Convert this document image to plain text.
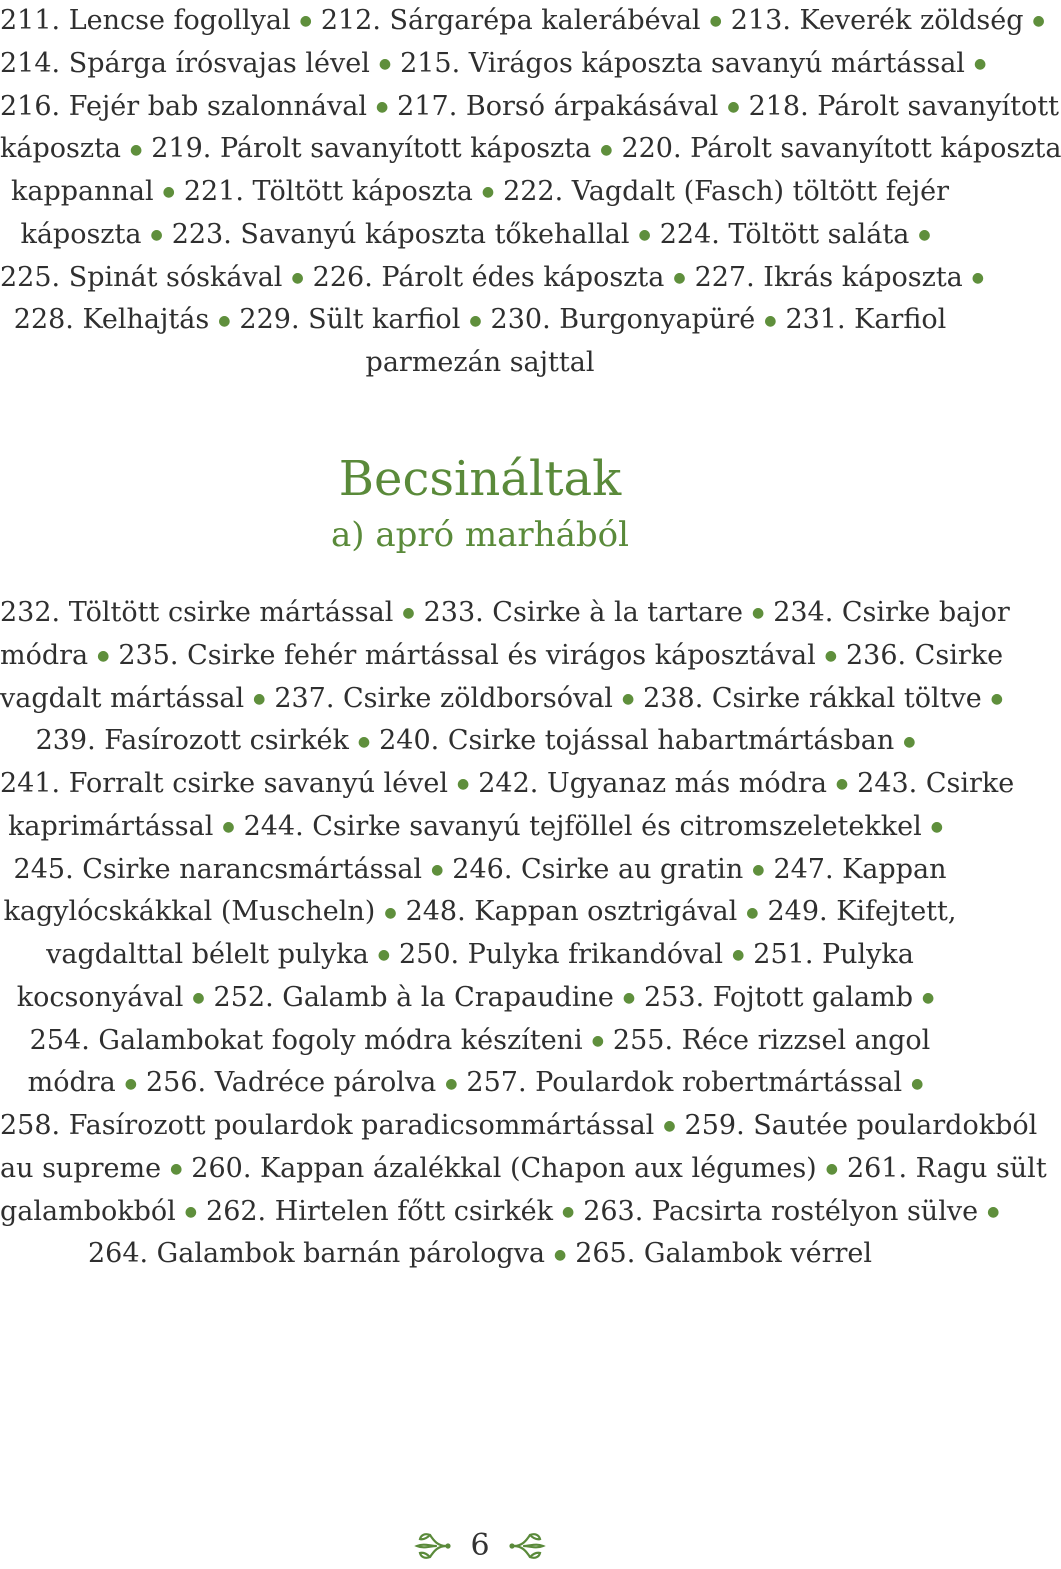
211. Lencse fogollyal ● 212. Sárgarépa kalerábéval ● 213. Keverék zöldség ●
214. Spárga írósvajas lével ● 215. Virágos káposzta savanyú mártással ●
216. Fejér bab szalonnával ● 217. Borsó árpakásával ● 218. Párolt savanyított
káposzta ● 219. Párolt savanyított káposzta ● 220. Párolt savanyított káposzta
kappannal ● 221. Töltött káposzta ● 222. Vagdalt (Fasch) töltött fejér
káposzta ● 223. Savanyú káposzta tőkehallal ● 224. Töltött saláta ●
225. Spinát sóskával ● 226. Párolt édes káposzta ● 227. Ikrás káposzta ●
228. Kelhajtás ● 229. Sült karfiol ● 230. Burgonyapüré ● 231. Karfiol
parmezán sajttal
Becsináltak
a) apró marhából
232. Töltött csirke mártással ● 233. Csirke à la tartare ● 234. Csirke bajor
módra ● 235. Csirke fehér mártással és virágos káposztával ● 236. Csirke
vagdalt mártással ● 237. Csirke zöldborsóval ● 238. Csirke rákkal töltve ●
239. Fasírozott csirkék ● 240. Csirke tojással habartmártásban ●
241. Forralt csirke savanyú lével ● 242. Ugyanaz más módra ● 243. Csirke
kaprimártással ● 244. Csirke savanyú tejföllel és citromszeletekkel ●
245. Csirke narancsmártással ● 246. Csirke au gratin ● 247. Kappan
kagylócskákkal (Muscheln) ● 248. Kappan osztrigával ● 249. Kifejtett,
vagdalttal bélelt pulyka ● 250. Pulyka frikandóval ● 251. Pulyka
kocsonyával ● 252. Galamb à la Crapaudine ● 253. Fojtott galamb ●
254. Galambokat fogoly módra készíteni ● 255. Réce rizzsel angol
módra ● 256. Vadréce párolva ● 257. Poulardok robertmártással ●
258. Fasírozott poulardok paradicsommártással ● 259. Sautée poulardokból
au supreme ● 260. Kappan ázalékkal (Chapon aux légumes) ● 261. Ragu sült
galambokból ● 262. Hirtelen főtt csirkék ● 263. Pacsirta rostélyon sülve ●
264. Galambok barnán párologva ● 265. Galambok vérrel
6
